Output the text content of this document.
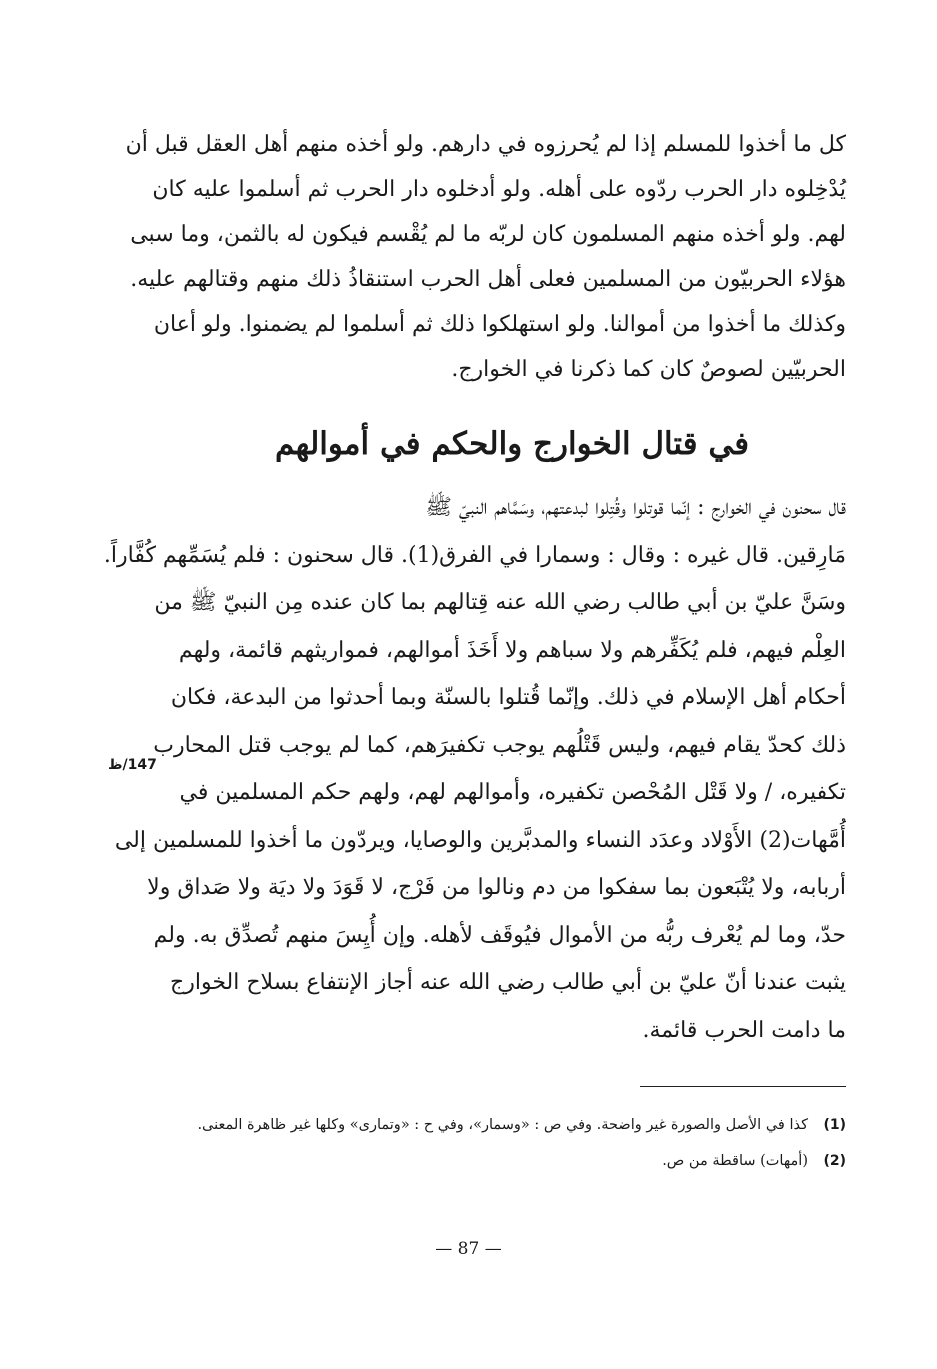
كل ما أخذوا للمسلم إذا لم يُحرزوه في دارهم. ولو أخذه منهم أهل العقل قبل أن
يُدْخِلوه دار الحرب ردّوه على أهله. ولو أدخلوه دار الحرب ثم أسلموا عليه كان
لهم. ولو أخذه منهم المسلمون كان لربّه ما لم يُقْسم فيكون له بالثمن، وما سبى
هؤلاء الحربيّون من المسلمين فعلى أهل الحرب استنقاذُ ذلك منهم وقتالهم عليه.
وكذلك ما أخذوا من أموالنا. ولو استهلكوا ذلك ثم أسلموا لم يضمنوا. ولو أعان
الحربيّين لصوصٌ كان كما ذكرنا في الخوارج.
في قتال الخوارج والحكم في أموالهم
قال سحنون في الخوارج : إنّما قوتلوا وقُتِلوا لبدعتهم، وسَمَّاهم النبيّ ﷺ
مَارِقين. قال غيره : وقال : وسمارا في الفرق(1). قال سحنون : فلم يُسَمِّهم كُفَّاراً.
وسَنَّ عليّ بن أبي طالب رضي الله عنه قِتالهم بما كان عنده مِن النبيّ ﷺ من
العِلْم فيهم، فلم يُكَفِّرهم ولا سباهم ولا أَخَذَ أموالهم، فمواريثهم قائمة، ولهم
أحكام أهل الإسلام في ذلك. وإنّما قُتلوا بالسنّة وبما أحدثوا من البدعة، فكان
ذلك كحدّ يقام فيهم، وليس قَتْلُهم يوجب تكفيرَهم، كما لم يوجب قتل المحارب
تكفيره، / ولا قَتْل المُحْصن تكفيره، وأموالهم لهم، ولهم حكم المسلمين في
أُمَّهات(2) الأَوْلاد وعدَد النساء والمدبَّرين والوصايا، ويردّون ما أخذوا للمسلمين إلى
أربابه، ولا يُتْبَعون بما سفكوا من دم ونالوا من فَرْج، لا قَوَدَ ولا ديَة ولا صَداق ولا
حدّ، وما لم يُعْرف ربُّه من الأموال فيُوقَف لأهله. وإن أُيِسَ منهم تُصدِّق به. ولم
يثبت عندنا أنّ عليّ بن أبي طالب رضي الله عنه أجاز الإنتفاع بسلاح الخوارج
ما دامت الحرب قائمة.
147/ظ
(1)
كذا في الأصل والصورة غير واضحة. وفي ص : «وسمار»، وفي ح : «وتمارى» وكلها غير ظاهرة المعنى.
(2)
(أمهات) ساقطة من ص.
— 87 —
